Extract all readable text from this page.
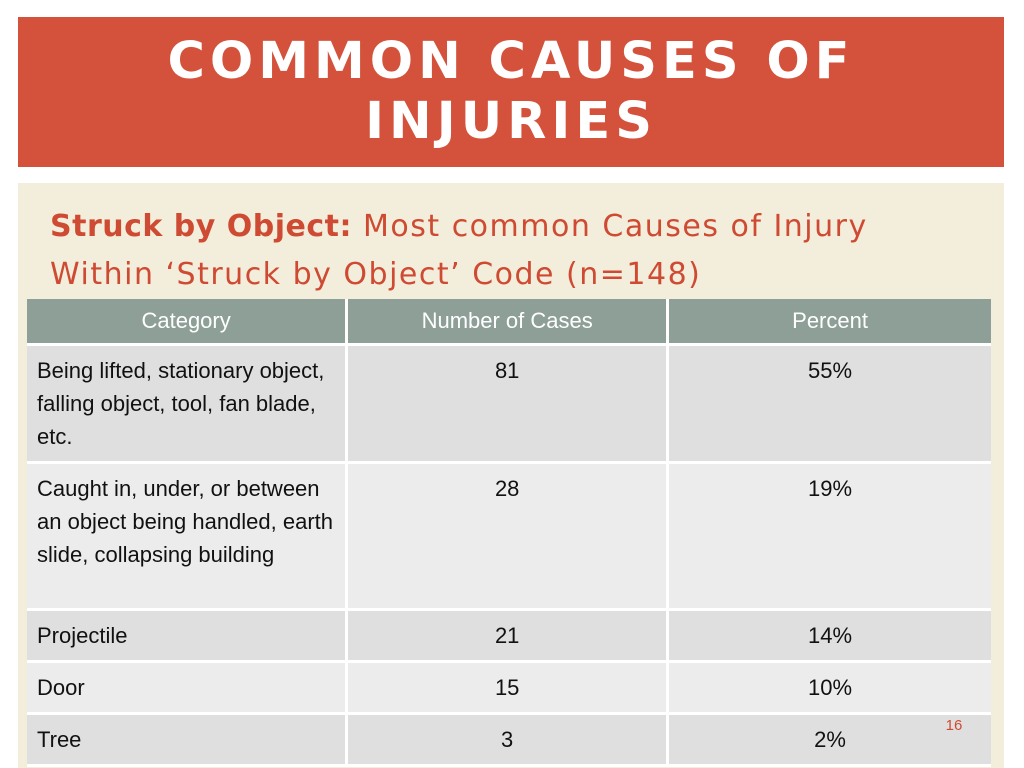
COMMON CAUSES OF INJURIES
Struck by Object: Most common Causes of Injury Within ‘Struck by Object’ Code (n=148)
Category	Number of Cases	Percent
Being lifted, stationary object, falling object, tool, fan blade, etc.	81	55%
Caught in, under, or between an object being handled, earth slide, collapsing building	28	19%
Projectile	21	14%
Door	15	10%
Tree	3	2%
16
